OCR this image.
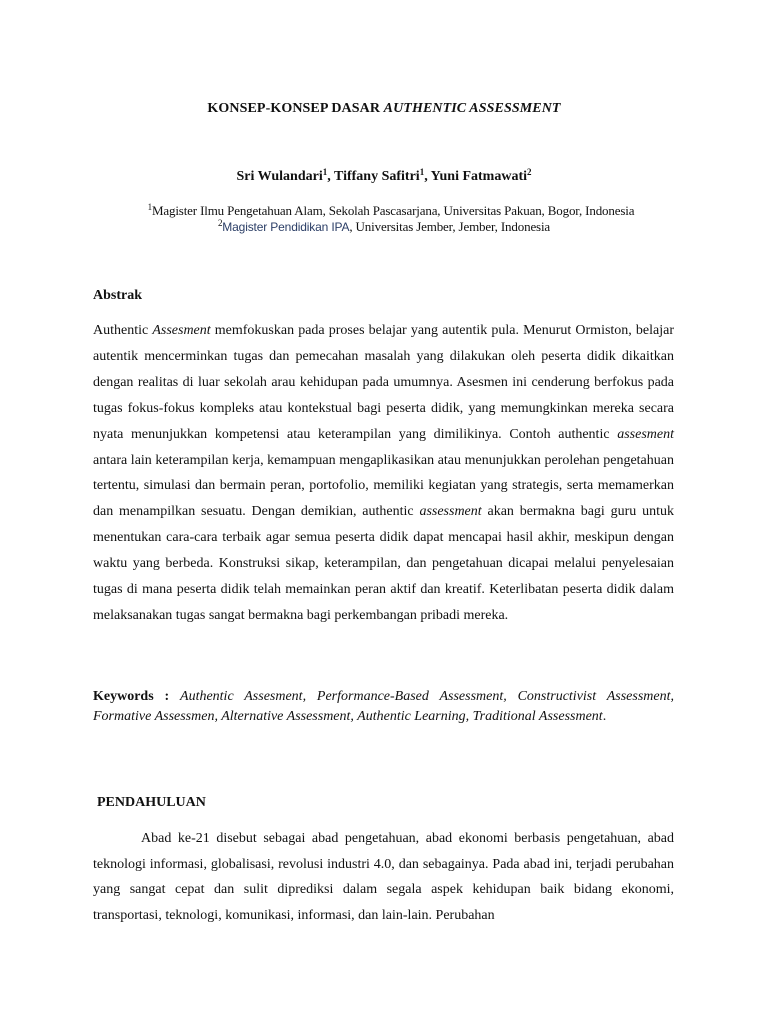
KONSEP-KONSEP DASAR AUTHENTIC ASSESSMENT
Sri Wulandari$^1$, Tiffany Safitri$^1$, Yuni Fatmawati$^2$
$^1$Magister Ilmu Pengetahuan Alam, Sekolah Pascasarjana, Universitas Pakuan, Bogor, Indonesia
$^2$Magister Pendidikan IPA, Universitas Jember, Jember, Indonesia
Abstrak

Authentic Assesment memfokuskan pada proses belajar yang autentik pula. Menurut Ormiston, belajar autentik mencerminkan tugas dan pemecahan masalah yang dilakukan oleh peserta didik dikaitkan dengan realitas di luar sekolah arau kehidupan pada umumnya. Asesmen ini cenderung berfokus pada tugas fokus-fokus kompleks atau kontekstual bagi peserta didik, yang memungkinkan mereka secara nyata menunjukkan kompetensi atau keterampilan yang dimilikinya. Contoh authentic assesment antara lain keterampilan kerja, kemampuan mengaplikasikan atau menunjukkan perolehan pengetahuan tertentu, simulasi dan bermain peran, portofolio, memiliki kegiatan yang strategis, serta memamerkan dan menampilkan sesuatu. Dengan demikian, authentic assessment akan bermakna bagi guru untuk menentukan cara-cara terbaik agar semua peserta didik dapat mencapai hasil akhir, meskipun dengan waktu yang berbeda. Konstruksi sikap, keterampilan, dan pengetahuan dicapai melalui penyelesaian tugas di mana peserta didik telah memainkan peran aktif dan kreatif. Keterlibatan peserta didik dalam melaksanakan tugas sangat bermakna bagi perkembangan pribadi mereka.

Keywords : Authentic Assesment, Performance-Based Assessment, Constructivist Assessment, Formative Assessmen, Alternative Assessment, Authentic Learning, Traditional Assessment.

PENDAHULUAN

Abad ke-21 disebut sebagai abad pengetahuan, abad ekonomi berbasis pengetahuan, abad teknologi informasi, globalisasi, revolusi industri 4.0, dan sebagainya. Pada abad ini, terjadi perubahan yang sangat cepat dan sulit diprediksi dalam segala aspek kehidupan baik bidang ekonomi, transportasi, teknologi, komunikasi, informasi, dan lain-lain. Perubahan
